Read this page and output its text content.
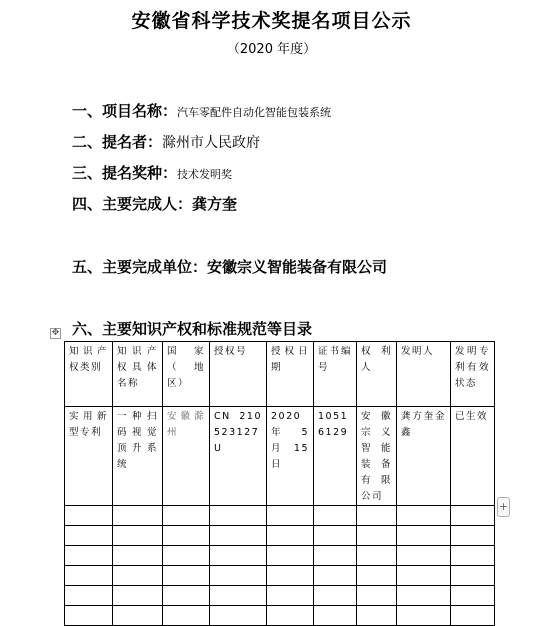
安徽省科学技术奖提名项目公示
（2020 年度）
一、项目名称：汽车零配件自动化智能包装系统
二、提名者：滁州市人民政府
三、提名奖种：技术发明奖
四、主要完成人：龚方奎
五、主要完成单位：安徽宗义智能装备有限公司
六、主要知识产权和标准规范等目录
✥
知识产权类别	知识产权具体名称	国家（地区）	授权号	授权日期	证书编号	权利人	发明人	发明专利有效状态
实用新型专利	一种扫码视觉顶升系统	安徽滁州	CN 210523127 U	2020 年 5 月 15 日	10516129	安徽宗义智能装备有限公司	龚方奎金鑫	已生效

+
